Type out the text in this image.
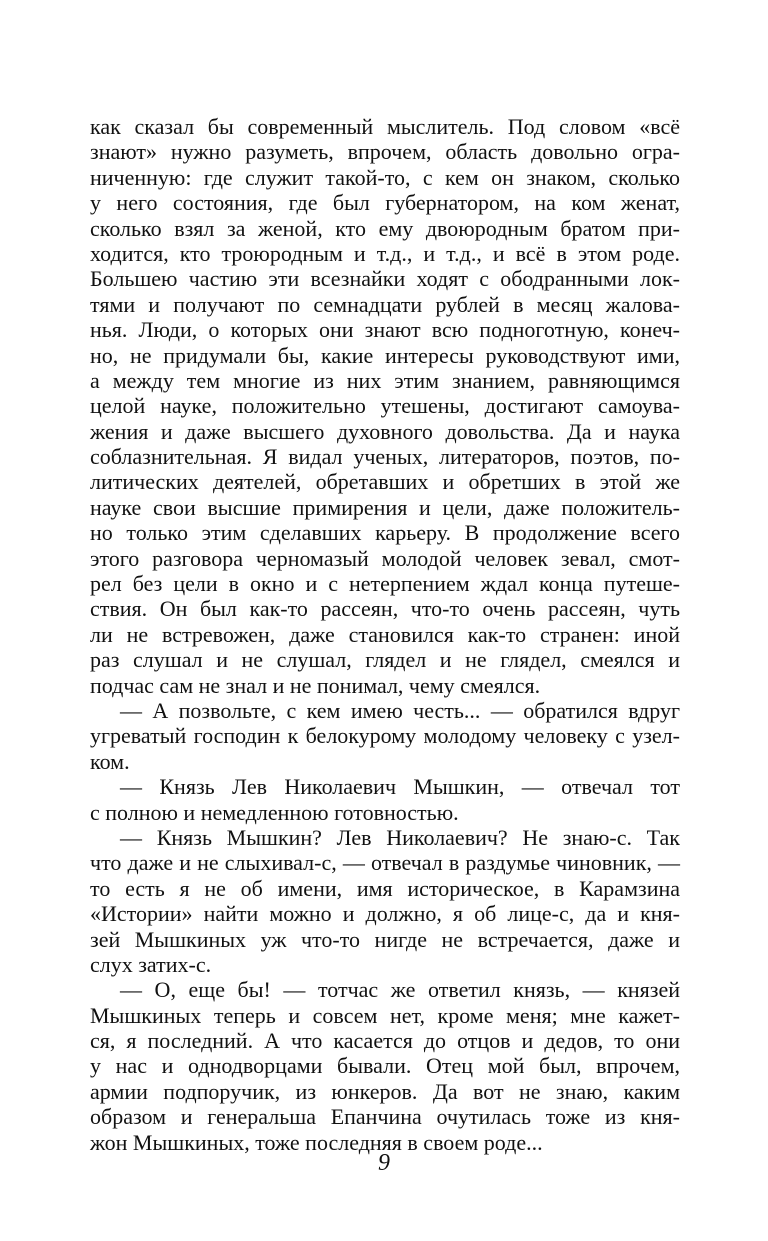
как сказал бы современный мыслитель. Под словом «всё
знают» нужно разуметь, впрочем, область довольно огра-
ниченную: где служит такой-то, с кем он знаком, сколько
у него состояния, где был губернатором, на ком женат,
сколько взял за женой, кто ему двоюродным братом при-
ходится, кто троюродным и т.д., и т.д., и всё в этом роде.
Большею частию эти всезнайки ходят с ободранными лок-
тями и получают по семнадцати рублей в месяц жалова-
нья. Люди, о которых они знают всю подноготную, конеч-
но, не придумали бы, какие интересы руководствуют ими,
а между тем многие из них этим знанием, равняющимся
целой науке, положительно утешены, достигают самоува-
жения и даже высшего духовного довольства. Да и наука
соблазнительная. Я видал ученых, литераторов, поэтов, по-
литических деятелей, обретавших и обретших в этой же
науке свои высшие примирения и цели, даже положитель-
но только этим сделавших карьеру. В продолжение всего
этого разговора черномазый молодой человек зевал, смот-
рел без цели в окно и с нетерпением ждал конца путеше-
ствия. Он был как-то рассеян, что-то очень рассеян, чуть
ли не встревожен, даже становился как-то странен: иной
раз слушал и не слушал, глядел и не глядел, смеялся и
подчас сам не знал и не понимал, чему смеялся.
— А позвольте, с кем имею честь... — обратился вдруг
угреватый господин к белокурому молодому человеку с узел-
ком.
— Князь Лев Николаевич Мышкин, — отвечал тот
с полною и немедленною готовностью.
— Князь Мышкин? Лев Николаевич? Не знаю-с. Так
что даже и не слыхивал-с, — отвечал в раздумье чиновник, —
то есть я не об имени, имя историческое, в Карамзина
«Истории» найти можно и должно, я об лице-с, да и кня-
зей Мышкиных уж что-то нигде не встречается, даже и
слух затих-с.
— О, еще бы! — тотчас же ответил князь, — князей
Мышкиных теперь и совсем нет, кроме меня; мне кажет-
ся, я последний. А что касается до отцов и дедов, то они
у нас и однодворцами бывали. Отец мой был, впрочем,
армии подпоручик, из юнкеров. Да вот не знаю, каким
образом и генеральша Епанчина очутилась тоже из кня-
жон Мышкиных, тоже последняя в своем роде...
9
